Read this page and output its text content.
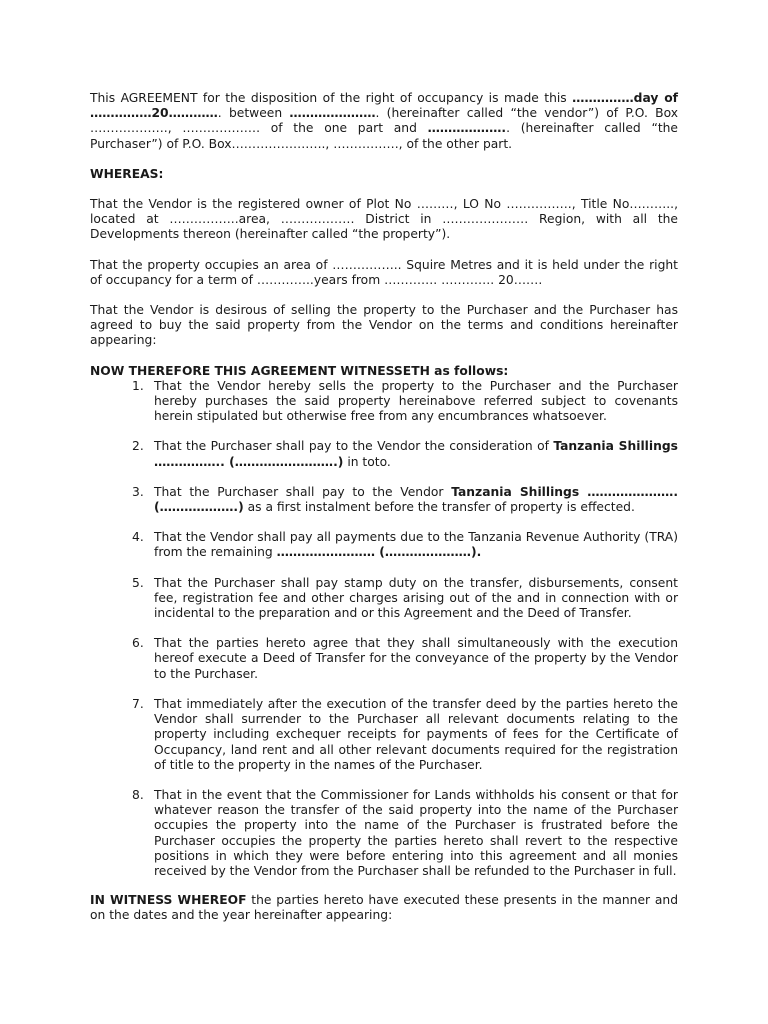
This AGREEMENT for the disposition of the right of occupancy is made this ……………day of ……………20…………. between …………………. (hereinafter called “the vendor”) of P.O. Box ………………., ………………. of the one part and ……………….. (hereinafter called “the Purchaser”) of P.O. Box………………….., ……………., of the other part.

WHEREAS:

That the Vendor is the registered owner of Plot No ………, LO No ……………., Title No……….., located at ……………..area, ……………… District in ………………… Region, with all the Developments thereon (hereinafter called “the property”).

That the property occupies an area of …………….. Squire Metres and it is held under the right of occupancy for a term of …………..years from …………. …………. 20…….

That the Vendor is desirous of selling the property to the Purchaser and the Purchaser has agreed to buy the said property from the Vendor on the terms and conditions hereinafter appearing:

NOW THEREFORE THIS AGREEMENT WITNESSETH as follows:

1. That the Vendor hereby sells the property to the Purchaser and the Purchaser hereby purchases the said property hereinabove referred subject to covenants herein stipulated but otherwise free from any encumbrances whatsoever.
2. That the Purchaser shall pay to the Vendor the consideration of Tanzania Shillings …………….. (…………………….) in toto.
3. That the Purchaser shall pay to the Vendor Tanzania Shillings …………………. (……………….) as a first instalment before the transfer of property is effected.
4. That the Vendor shall pay all payments due to the Tanzania Revenue Authority (TRA) from the remaining …………………… (…………………).
5. That the Purchaser shall pay stamp duty on the transfer, disbursements, consent fee, registration fee and other charges arising out of the and in connection with or incidental to the preparation and or this Agreement and the Deed of Transfer.
6. That the parties hereto agree that they shall simultaneously with the execution hereof execute a Deed of Transfer for the conveyance of the property by the Vendor to the Purchaser.
7. That immediately after the execution of the transfer deed by the parties hereto the Vendor shall surrender to the Purchaser all relevant documents relating to the property including exchequer receipts for payments of fees for the Certificate of Occupancy, land rent and all other relevant documents required for the registration of title to the property in the names of the Purchaser.
8. That in the event that the Commissioner for Lands withholds his consent or that for whatever reason the transfer of the said property into the name of the Purchaser occupies the property into the name of the Purchaser is frustrated before the Purchaser occupies the property the parties hereto shall revert to the respective positions in which they were before entering into this agreement and all monies received by the Vendor from the Purchaser shall be refunded to the Purchaser in full.

IN WITNESS WHEREOF the parties hereto have executed these presents in the manner and on the dates and the year hereinafter appearing:
